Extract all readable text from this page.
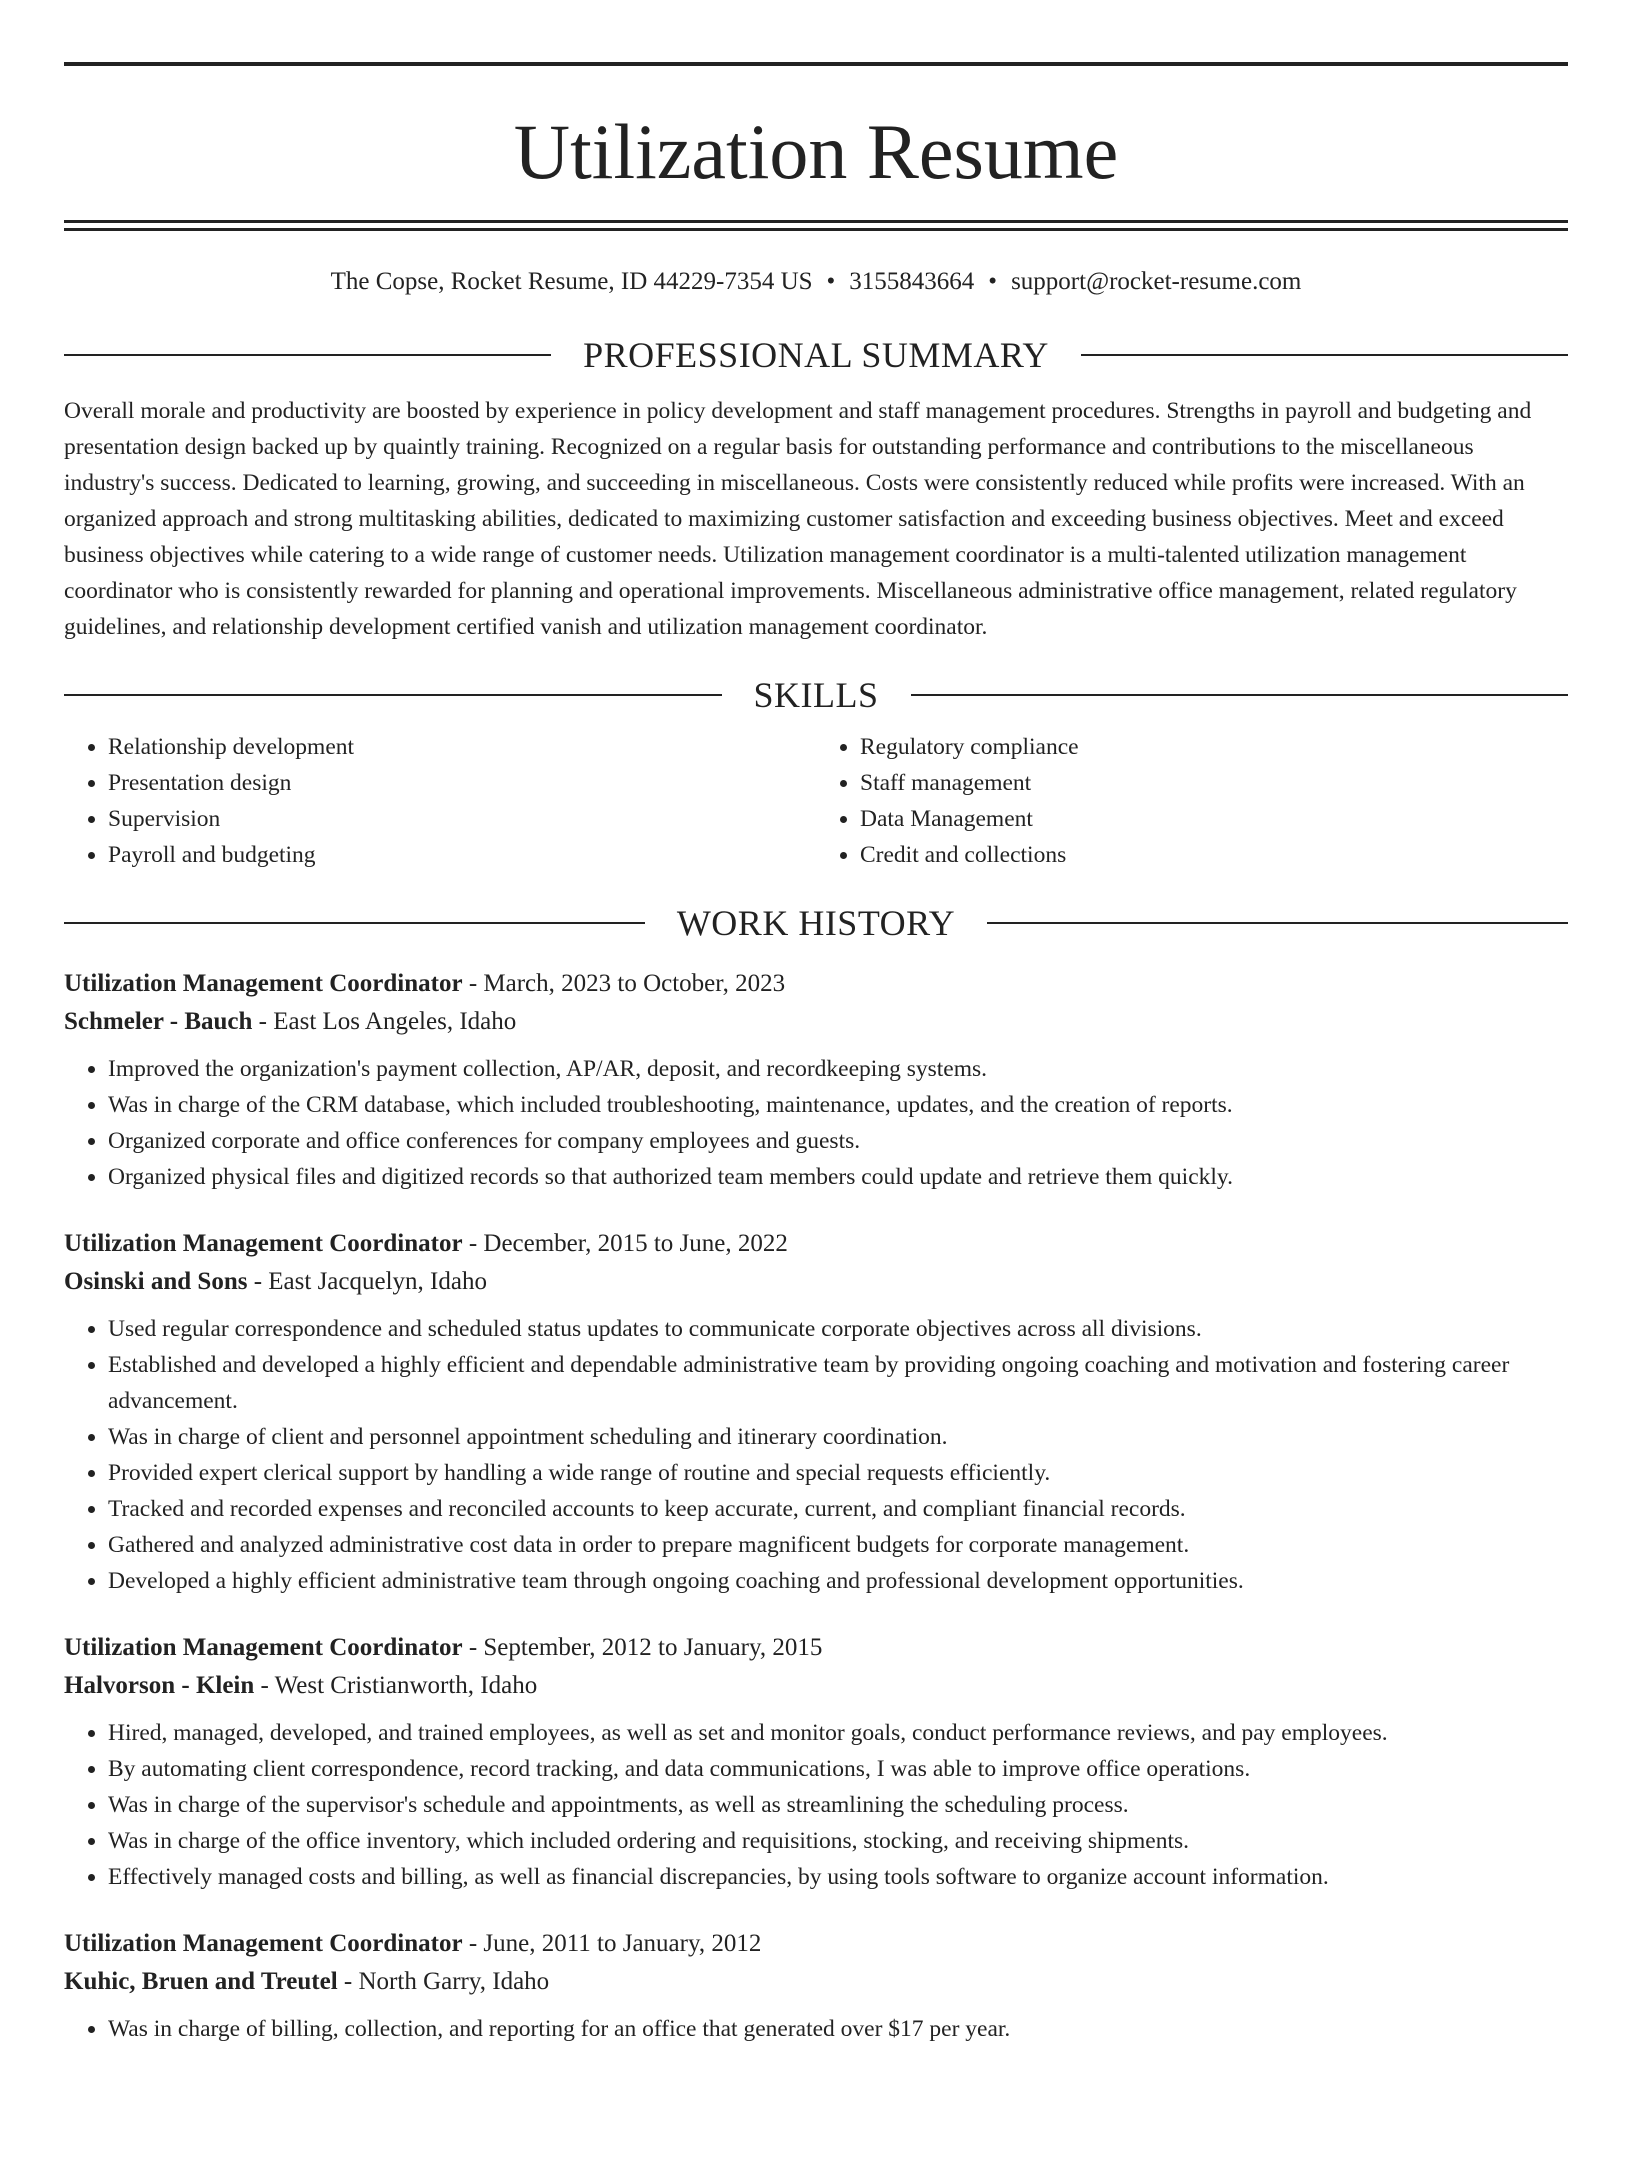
Utilization Resume
The Copse, Rocket Resume, ID 44229-7354 US • 3155843664 • support@rocket-resume.com
PROFESSIONAL SUMMARY
Overall morale and productivity are boosted by experience in policy development and staff management procedures. Strengths in payroll and budgeting and presentation design backed up by quaintly training. Recognized on a regular basis for outstanding performance and contributions to the miscellaneous industry's success. Dedicated to learning, growing, and succeeding in miscellaneous. Costs were consistently reduced while profits were increased. With an organized approach and strong multitasking abilities, dedicated to maximizing customer satisfaction and exceeding business objectives. Meet and exceed business objectives while catering to a wide range of customer needs. Utilization management coordinator is a multi-talented utilization management coordinator who is consistently rewarded for planning and operational improvements. Miscellaneous administrative office management, related regulatory guidelines, and relationship development certified vanish and utilization management coordinator.
SKILLS
• Relationship development
• Presentation design
• Supervision
• Payroll and budgeting
• Regulatory compliance
• Staff management
• Data Management
• Credit and collections
WORK HISTORY
Utilization Management Coordinator - March, 2023 to October, 2023
Schmeler - Bauch - East Los Angeles, Idaho
• Improved the organization's payment collection, AP/AR, deposit, and recordkeeping systems.
• Was in charge of the CRM database, which included troubleshooting, maintenance, updates, and the creation of reports.
• Organized corporate and office conferences for company employees and guests.
• Organized physical files and digitized records so that authorized team members could update and retrieve them quickly.
Utilization Management Coordinator - December, 2015 to June, 2022
Osinski and Sons - East Jacquelyn, Idaho
• Used regular correspondence and scheduled status updates to communicate corporate objectives across all divisions.
• Established and developed a highly efficient and dependable administrative team by providing ongoing coaching and motivation and fostering career advancement.
• Was in charge of client and personnel appointment scheduling and itinerary coordination.
• Provided expert clerical support by handling a wide range of routine and special requests efficiently.
• Tracked and recorded expenses and reconciled accounts to keep accurate, current, and compliant financial records.
• Gathered and analyzed administrative cost data in order to prepare magnificent budgets for corporate management.
• Developed a highly efficient administrative team through ongoing coaching and professional development opportunities.
Utilization Management Coordinator - September, 2012 to January, 2015
Halvorson - Klein - West Cristianworth, Idaho
• Hired, managed, developed, and trained employees, as well as set and monitor goals, conduct performance reviews, and pay employees.
• By automating client correspondence, record tracking, and data communications, I was able to improve office operations.
• Was in charge of the supervisor's schedule and appointments, as well as streamlining the scheduling process.
• Was in charge of the office inventory, which included ordering and requisitions, stocking, and receiving shipments.
• Effectively managed costs and billing, as well as financial discrepancies, by using tools software to organize account information.
Utilization Management Coordinator - June, 2011 to January, 2012
Kuhic, Bruen and Treutel - North Garry, Idaho
• Was in charge of billing, collection, and reporting for an office that generated over $17 per year.
